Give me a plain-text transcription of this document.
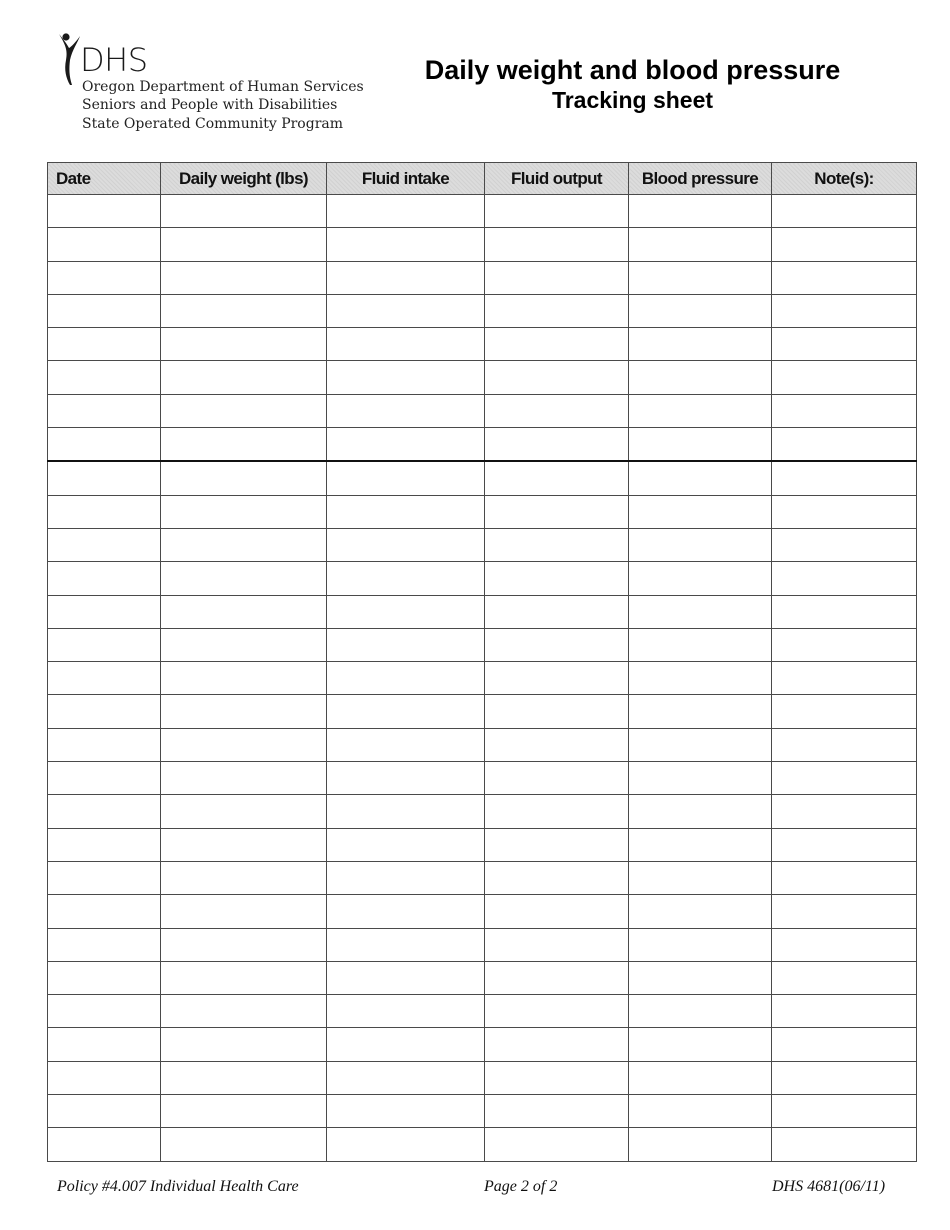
DHS
Oregon Department of Human Services
Seniors and People with Disabilities
State Operated Community Program
Daily weight and blood pressure
Tracking sheet
Date	Daily weight (lbs)	Fluid intake	Fluid output	Blood pressure	Note(s):

Policy #4.007 Individual Health Care	Page 2 of 2	DHS 4681(06/11)
